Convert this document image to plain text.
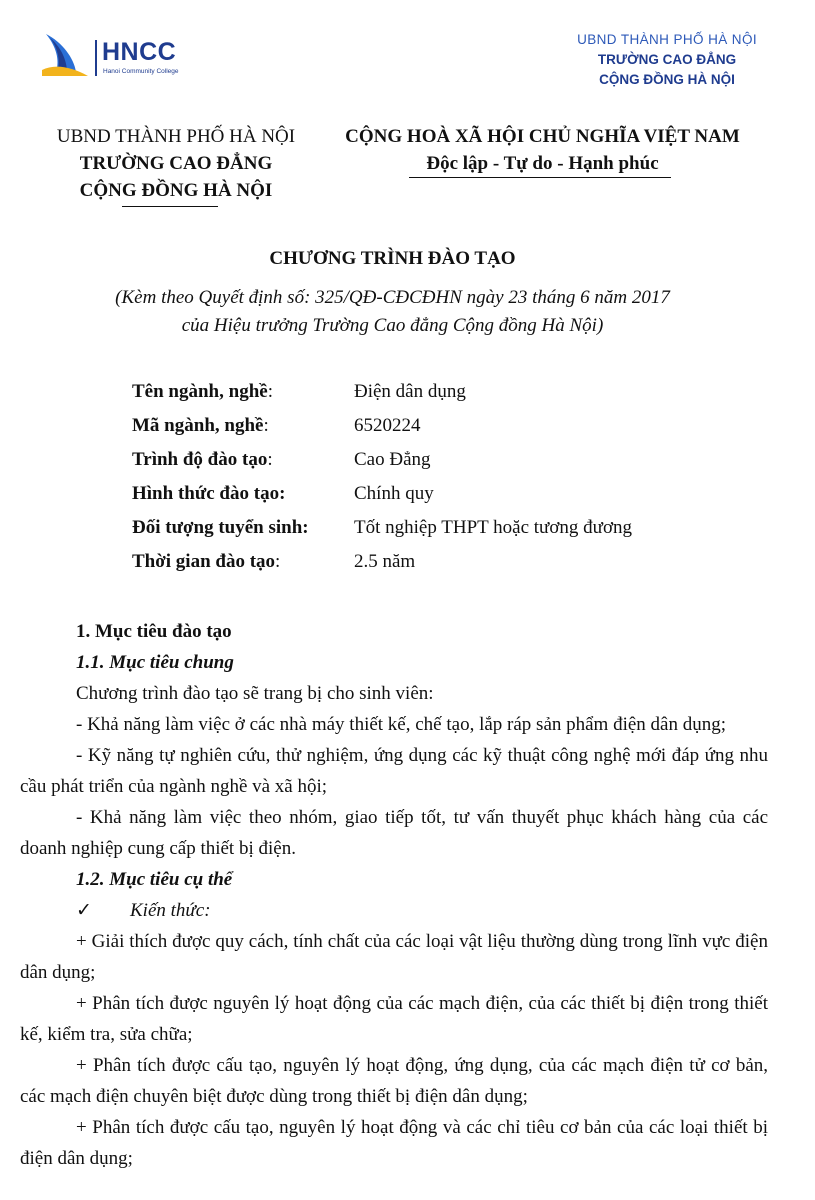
HNCC
Hanoi Community College
UBND THÀNH PHỐ HÀ NỘI
TRƯỜNG CAO ĐẲNG
CỘNG ĐỒNG HÀ NỘI
UBND THÀNH PHỐ HÀ NỘI
TRƯỜNG CAO ĐẲNG
CỘNG ĐỒNG HÀ NỘI
CỘNG HOÀ XÃ HỘI CHỦ NGHĨA VIỆT NAM
Độc lập - Tự do - Hạnh phúc
CHƯƠNG TRÌNH ĐÀO TẠO
(Kèm theo Quyết định số: 325/QĐ-CĐCĐHN ngày 23 tháng 6 năm 2017
của Hiệu trưởng Trường Cao đẳng Cộng đồng Hà Nội)
Tên ngành, nghề:	Điện dân dụng
Mã ngành, nghề:	6520224
Trình độ đào tạo:	Cao Đẳng
Hình thức đào tạo:	Chính quy
Đối tượng tuyển sinh: Tốt nghiệp THPT hoặc tương đương
Thời gian đào tạo:	2.5 năm

1. Mục tiêu đào tạo

1.1. Mục tiêu chung

Chương trình đào tạo sẽ trang bị cho sinh viên:

- Khả năng làm việc ở các nhà máy thiết kế, chế tạo, lắp ráp sản phẩm điện dân dụng;

- Kỹ năng tự nghiên cứu, thử nghiệm, ứng dụng các kỹ thuật công nghệ mới đáp ứng nhu cầu phát triển của ngành nghề và xã hội;

- Khả năng làm việc theo nhóm, giao tiếp tốt, tư vấn thuyết phục khách hàng của các doanh nghiệp cung cấp thiết bị điện.

1.2. Mục tiêu cụ thể

✓ Kiến thức:

+ Giải thích được quy cách, tính chất của các loại vật liệu thường dùng trong lĩnh vực điện dân dụng;

+ Phân tích được nguyên lý hoạt động của các mạch điện, của các thiết bị điện trong thiết kế, kiểm tra, sửa chữa;

+ Phân tích được cấu tạo, nguyên lý hoạt động, ứng dụng, của các mạch điện tử cơ bản, các mạch điện chuyên biệt được dùng trong thiết bị điện dân dụng;

+ Phân tích được cấu tạo, nguyên lý hoạt động và các chỉ tiêu cơ bản của các loại thiết bị điện dân dụng;
